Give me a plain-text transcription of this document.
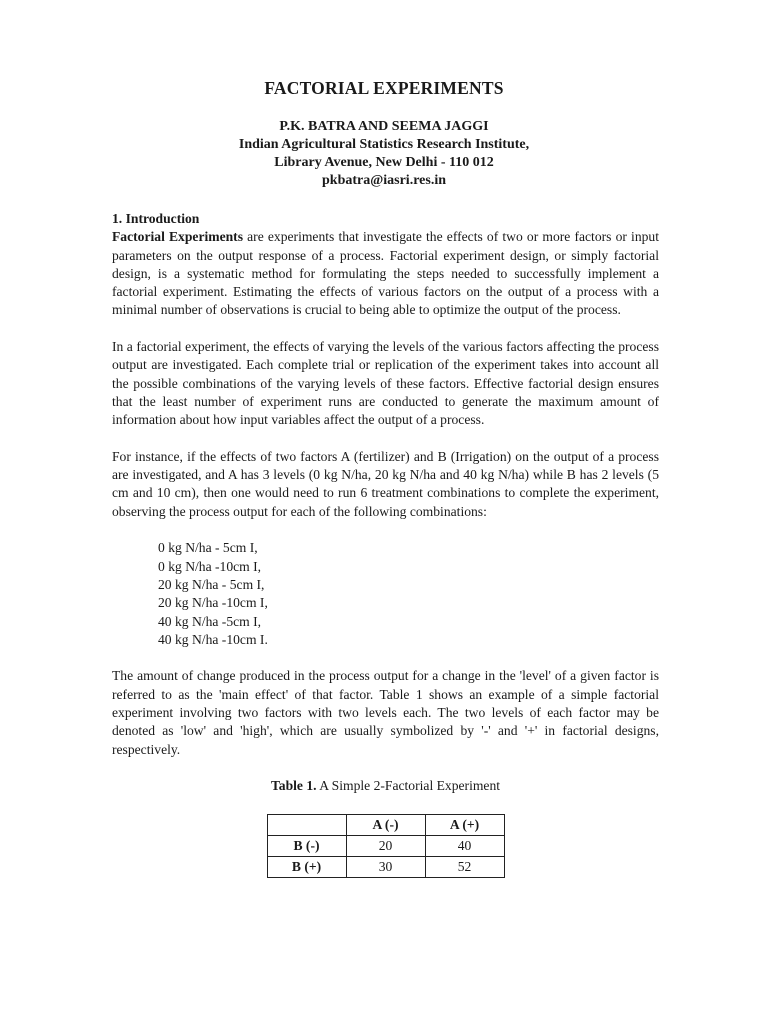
FACTORIAL EXPERIMENTS
P.K. BATRA AND SEEMA JAGGI
Indian Agricultural Statistics Research Institute,
Library Avenue, New Delhi - 110 012
pkbatra@iasri.res.in
1. Introduction

Factorial Experiments are experiments that investigate the effects of two or more factors or input parameters on the output response of a process. Factorial experiment design, or simply factorial design, is a systematic method for formulating the steps needed to successfully implement a factorial experiment. Estimating the effects of various factors on the output of a process with a minimal number of observations is crucial to being able to optimize the output of the process.

In a factorial experiment, the effects of varying the levels of the various factors affecting the process output are investigated. Each complete trial or replication of the experiment takes into account all the possible combinations of the varying levels of these factors. Effective factorial design ensures that the least number of experiment runs are conducted to generate the maximum amount of information about how input variables affect the output of a process.

For instance, if the effects of two factors A (fertilizer) and B (Irrigation) on the output of a process are investigated, and A has 3 levels (0 kg N/ha, 20 kg N/ha and 40 kg N/ha) while B has 2 levels (5 cm and 10 cm), then one would need to run 6 treatment combinations to complete the experiment, observing the process output for each of the following combinations:

0 kg N/ha - 5cm I,
0 kg N/ha -10cm I,
20 kg N/ha - 5cm I,
20 kg N/ha -10cm I,
40 kg N/ha -5cm I,
40 kg N/ha -10cm I.

The amount of change produced in the process output for a change in the 'level' of a given factor is referred to as the 'main effect' of that factor. Table 1 shows an example of a simple factorial experiment involving two factors with two levels each. The two levels of each factor may be denoted as 'low' and 'high', which are usually symbolized by '-' and '+' in factorial designs, respectively.

Table 1. A Simple 2-Factorial Experiment
	A (-)	A (+)
B (-)	20	40
B (+)	30	52
